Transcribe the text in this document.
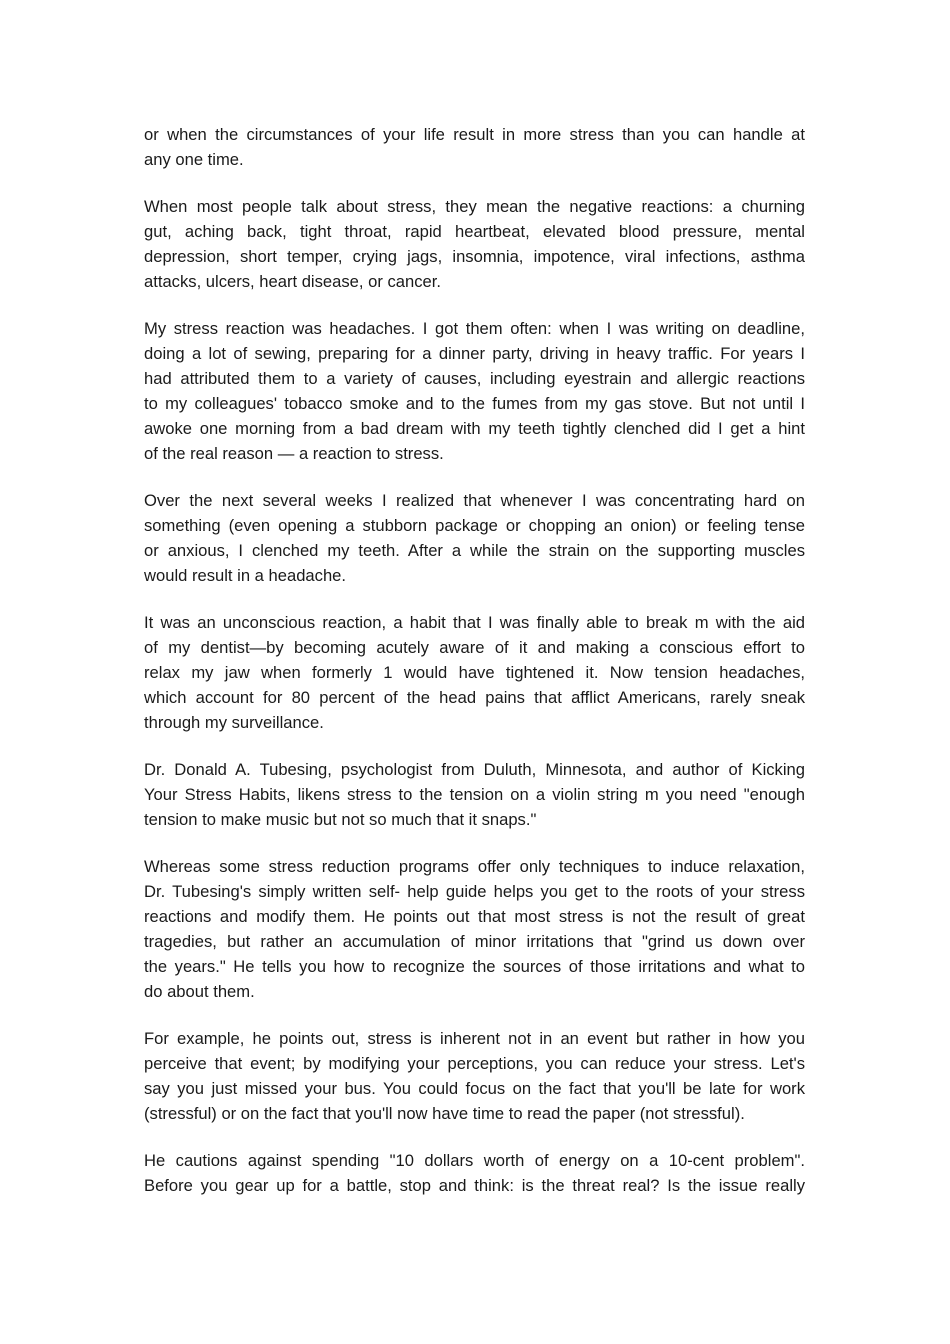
or when the circumstances of your life result in more stress than you can handle at
any one time.

When most people talk about stress, they mean the negative reactions: a churning
gut, aching back, tight throat, rapid heartbeat, elevated blood pressure, mental
depression, short temper, crying jags, insomnia, impotence, viral infections, asthma
attacks, ulcers, heart disease, or cancer.

My stress reaction was headaches. I got them often: when I was writing on deadline,
doing a lot of sewing, preparing for a dinner party, driving in heavy traffic. For years I
had attributed them to a variety of causes, including eyestrain and allergic reactions
to my colleagues' tobacco smoke and to the fumes from my gas stove. But not until I
awoke one morning from a bad dream with my teeth tightly clenched did I get a hint
of the real reason — a reaction to stress.

Over the next several weeks I realized that whenever I was concentrating hard on
something (even opening a stubborn package or chopping an onion) or feeling tense
or anxious, I clenched my teeth. After a while the strain on the supporting muscles
would result in a headache.

It was an unconscious reaction, a habit that I was finally able to break m with the aid
of my dentist—by becoming acutely aware of it and making a conscious effort to
relax my jaw when formerly 1 would have tightened it. Now tension headaches,
which account for 80 percent of the head pains that afflict Americans, rarely sneak
through my surveillance.

Dr. Donald A. Tubesing, psychologist from Duluth, Minnesota, and author of Kicking
Your Stress Habits, likens stress to the tension on a violin string m you need "enough
tension to make music but not so much that it snaps."

Whereas some stress reduction programs offer only techniques to induce relaxation,
Dr. Tubesing's simply written self- help guide helps you get to the roots of your stress
reactions and modify them. He points out that most stress is not the result of great
tragedies, but rather an accumulation of minor irritations that "grind us down over
the years." He tells you how to recognize the sources of those irritations and what to
do about them.

For example, he points out, stress is inherent not in an event but rather in how you
perceive that event; by modifying your perceptions, you can reduce your stress. Let's
say you just missed your bus. You could focus on the fact that you'll be late for work
(stressful) or on the fact that you'll now have time to read the paper (not stressful).

He cautions against spending "10 dollars worth of energy on a 10-cent problem".
Before you gear up for a battle, stop and think: is the threat real? Is the issue really
